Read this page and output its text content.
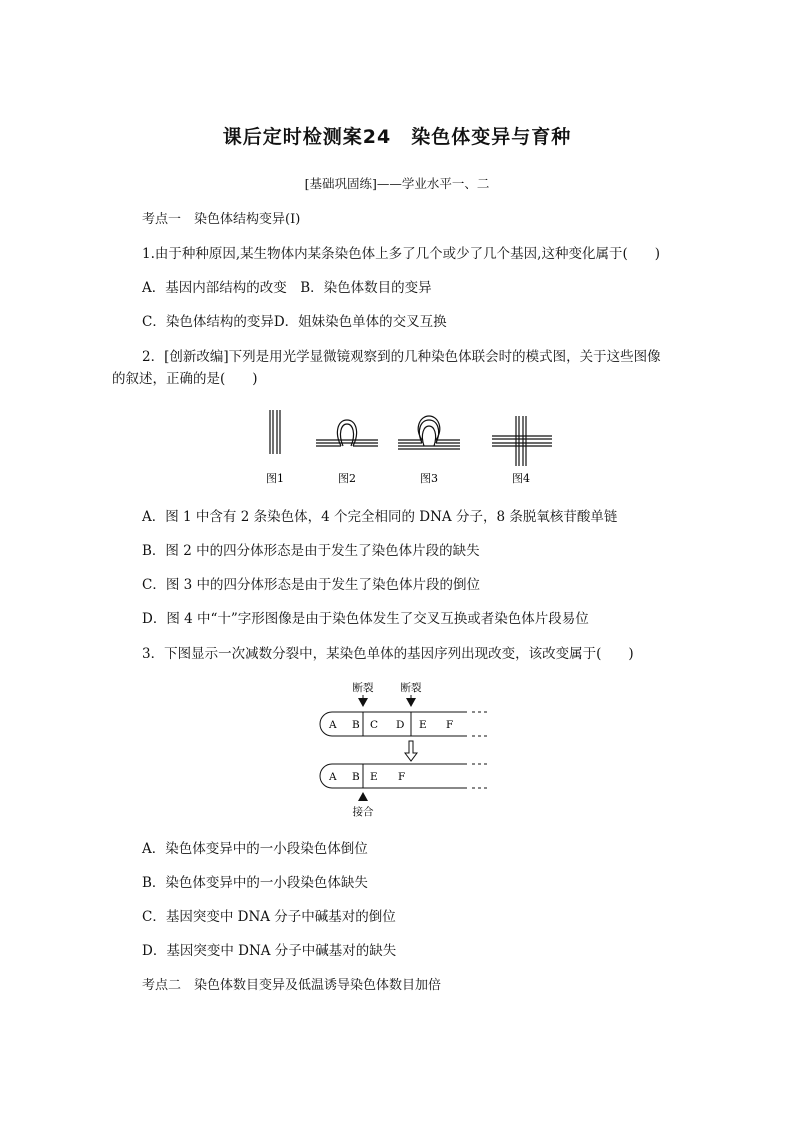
课后定时检测案24　染色体变异与育种
[基础巩固练]——学业水平一、二
考点一　染色体结构变异(Ⅰ)
1.由于种种原因,某生物体内某条染色体上多了几个或少了几个基因,这种变化属于(　　)
A．基因内部结构的改变　B．染色体数目的变异
C．染色体结构的变异D．姐妹染色单体的交叉互换
2．[创新改编]下列是用光学显微镜观察到的几种染色体联会时的模式图，关于这些图像
的叙述，正确的是(　　)
图1	图2	图3	图4
A．图 1 中含有 2 条染色体，4 个完全相同的 DNA 分子，8 条脱氧核苷酸单链
B．图 2 中的四分体形态是由于发生了染色体片段的缺失
C．图 3 中的四分体形态是由于发生了染色体片段的倒位
D．图 4 中“十”字形图像是由于染色体发生了交叉互换或者染色体片段易位
3．下图显示一次减数分裂中，某染色单体的基因序列出现改变，该改变属于(　　)
断裂	断裂
A B C D E F
A B E F
接合
A．染色体变异中的一小段染色体倒位
B．染色体变异中的一小段染色体缺失
C．基因突变中 DNA 分子中碱基对的倒位
D．基因突变中 DNA 分子中碱基对的缺失
考点二　染色体数目变异及低温诱导染色体数目加倍
